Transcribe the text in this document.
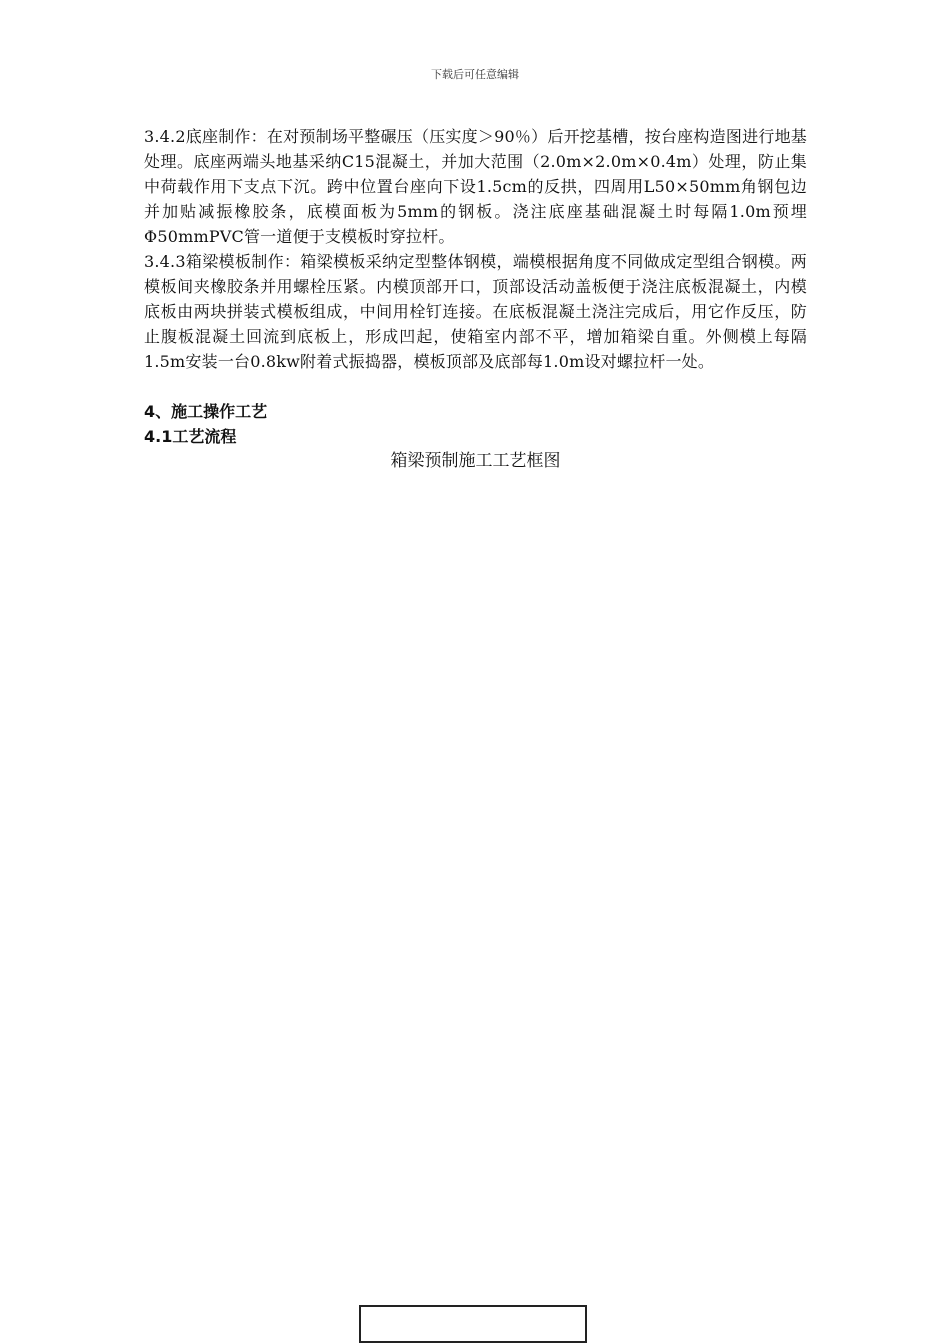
下载后可任意编辑

3.4.2底座制作：在对预制场平整碾压（压实度＞90％）后开挖基槽，按台座构造图进行地基处理。底座两端头地基采纳C15混凝土，并加大范围（2.0m×2.0m×0.4m）处理，防止集中荷载作用下支点下沉。跨中位置台座向下设1.5cm的反拱，四周用L50×50mm角钢包边并加贴减振橡胶条，底模面板为5mm的钢板。浇注底座基础混凝土时每隔1.0m预埋Φ50mmPVC管一道便于支模板时穿拉杆。

3.4.3箱梁模板制作：箱梁模板采纳定型整体钢模，端模根据角度不同做成定型组合钢模。两模板间夹橡胶条并用螺栓压紧。内模顶部开口，顶部设活动盖板便于浇注底板混凝土，内模底板由两块拼装式模板组成，中间用栓钉连接。在底板混凝土浇注完成后，用它作反压，防止腹板混凝土回流到底板上，形成凹起，使箱室内部不平，增加箱梁自重。外侧模上每隔1.5m安装一台0.8kw附着式振捣器，模板顶部及底部每1.0m设对螺拉杆一处。

4、施工操作工艺

4.1工艺流程

箱梁预制施工工艺框图
